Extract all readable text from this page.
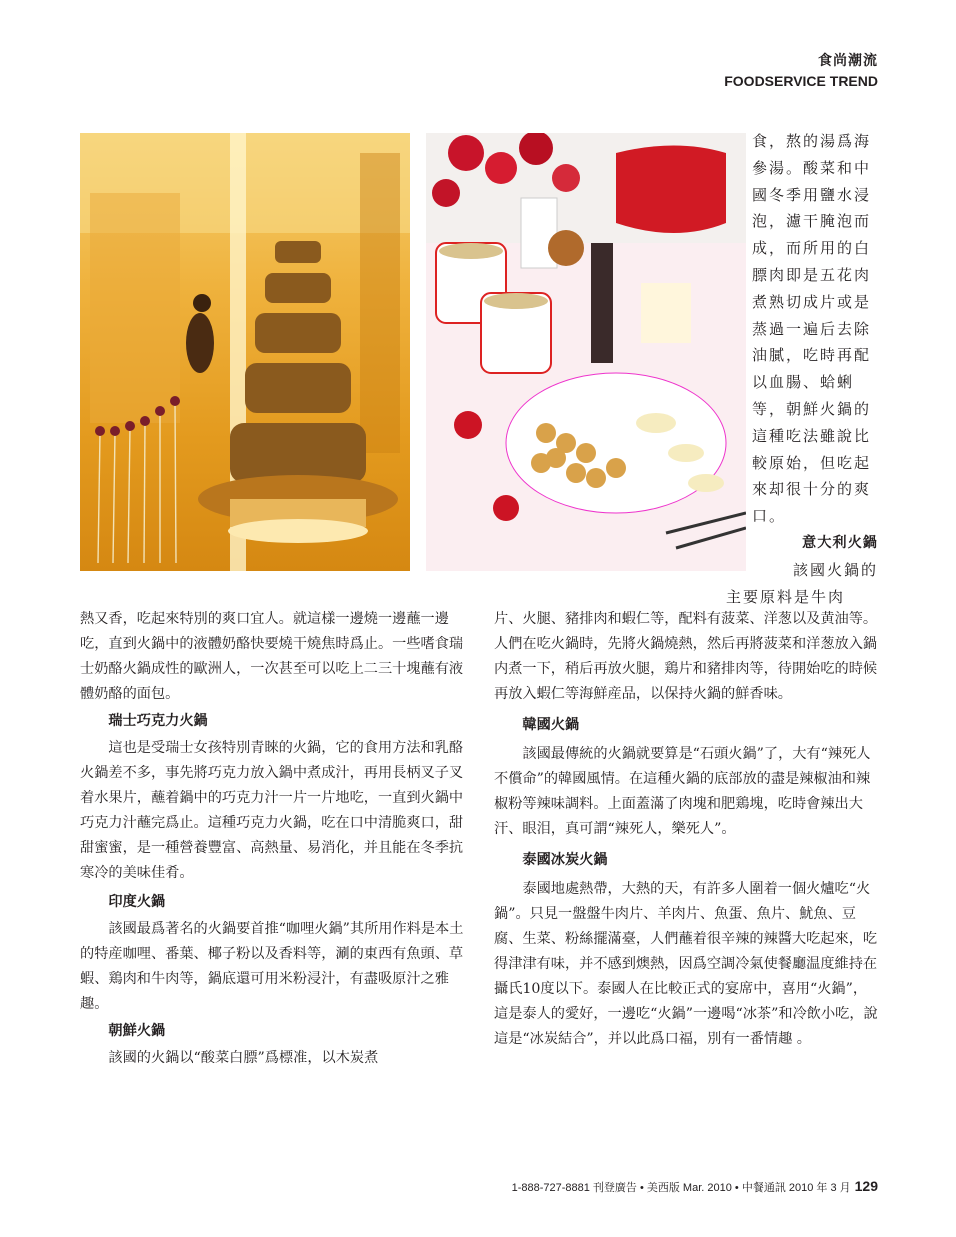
食尚潮流
FOODSERVICE TREND
食，熬的湯爲海
參湯。酸菜和中
國冬季用鹽水浸
泡，濾干腌泡而
成，而所用的白
膘肉即是五花肉
煮熟切成片或是
蒸過一遍后去除
油膩，吃時再配
以血腸、蛤蜊
等，朝鮮火鍋的
這種吃法雖說比
較原始，但吃起
來却很十分的爽
口。
意大利火鍋
該國火鍋的
主要原料是牛肉

熱又香，吃起來特別的爽口宜人。就這樣一邊燒一邊蘸一邊吃，直到火鍋中的液體奶酪快要燒干燒焦時爲止。一些嗜食瑞士奶酪火鍋成性的歐洲人，一次甚至可以吃上二三十塊蘸有液體奶酪的面包。

瑞士巧克力火鍋

這也是受瑞士女孩特別青睞的火鍋，它的食用方法和乳酪火鍋差不多，事先將巧克力放入鍋中煮成汁，再用長柄叉子叉着水果片，蘸着鍋中的巧克力汁一片一片地吃，一直到火鍋中巧克力汁蘸完爲止。這種巧克力火鍋，吃在口中清脆爽口，甜甜蜜蜜，是一種營養豐富、高熱量、易消化，并且能在冬季抗寒冷的美味佳肴。

印度火鍋

該國最爲著名的火鍋要首推“咖哩火鍋”其所用作料是本土的特産咖哩、番葉、椰子粉以及香料等，涮的東西有魚頭、草蝦、鶏肉和牛肉等，鍋底還可用米粉浸汁，有盡吸原汁之雅趣。

朝鮮火鍋

該國的火鍋以“酸菜白膘”爲標准，以木炭煮

片、火腿、豬排肉和蝦仁等，配料有菠菜、洋葱以及黄油等。人們在吃火鍋時，先將火鍋燒熱，然后再將菠菜和洋葱放入鍋内煮一下，稍后再放火腿，鶏片和豬排肉等，待開始吃的時候再放入蝦仁等海鮮産品，以保持火鍋的鮮香味。

韓國火鍋

該國最傳統的火鍋就要算是“石頭火鍋”了，大有“辣死人不償命”的韓國風情。在這種火鍋的底部放的盡是辣椒油和辣椒粉等辣味調料。上面蓋滿了肉塊和肥鶏塊，吃時會辣出大汗、眼泪，真可謂“辣死人，樂死人”。

泰國冰炭火鍋

泰國地處熱帶，大熱的天，有許多人圍着一個火爐吃“火鍋”。只見一盤盤牛肉片、羊肉片、魚蛋、魚片、魷魚、豆腐、生菜、粉絲擺滿臺，人們蘸着很辛辣的辣醬大吃起來，吃得津津有味，并不感到燠熱，因爲空調冷氣使餐廳温度維持在攝氏10度以下。泰國人在比較正式的宴席中，喜用“火鍋”，這是泰人的愛好，一邊吃“火鍋”一邊喝“冰茶”和冷飲小吃，說這是“冰炭結合”，并以此爲口福，別有一番情趣 。

1-888-727-8881 刊登廣告 • 美西版 Mar. 2010 • 中餐通訊 2010 年 3 月 129
